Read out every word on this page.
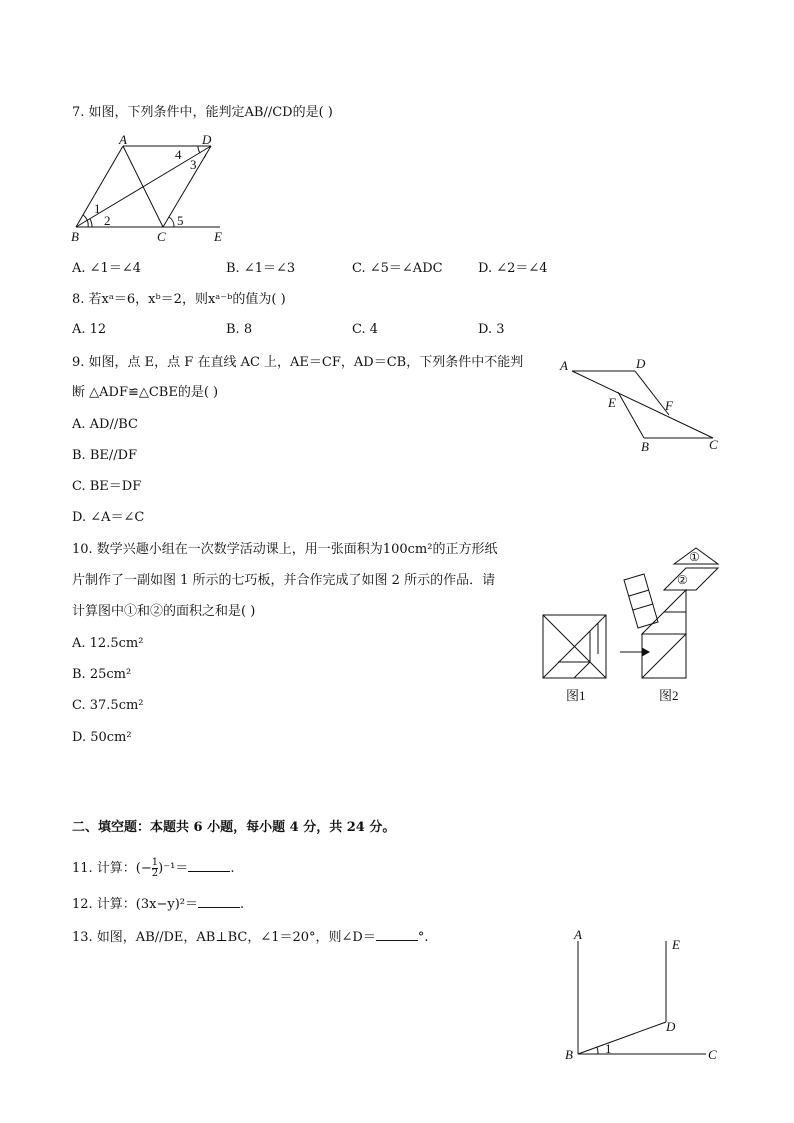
7. 如图，下列条件中，能判定AB//CD的是( )
A	D
B	C	E
1
2
3
4
5
A. ∠1＝∠4	B. ∠1＝∠3	C. ∠5＝∠ADC	D. ∠2＝∠4
8. 若xᵃ＝6，xᵇ＝2，则xᵃ⁻ᵇ的值为( )
A. 12	B. 8	C. 4	D. 3
9. 如图，点 E，点 F 在直线 AC 上，AE＝CF，AD＝CB，下列条件中不能判
断 △ADF≌△CBE的是( )
A. AD//BC
B. BE//DF
C. BE＝DF
D. ∠A＝∠C
A	D
E	F
B	C
10. 数学兴趣小组在一次数学活动课上，用一张面积为100cm²的正方形纸
片制作了一副如图 1 所示的七巧板，并合作完成了如图 2 所示的作品．请
计算图中①和②的面积之和是( )
A. 12.5cm²
B. 25cm²
C. 37.5cm²
D. 50cm²
①
②
图1	图2
二、填空题：本题共 6 小题，每小题 4 分，共 24 分。
11. 计算：(− $\frac{1}{2} )^{-1}=$	.
12. 计算：(3x−y)²＝	.
13. 如图，AB//DE，AB⊥BC，∠1＝20°，则∠D＝	°.	A
E
D
B	C
1
